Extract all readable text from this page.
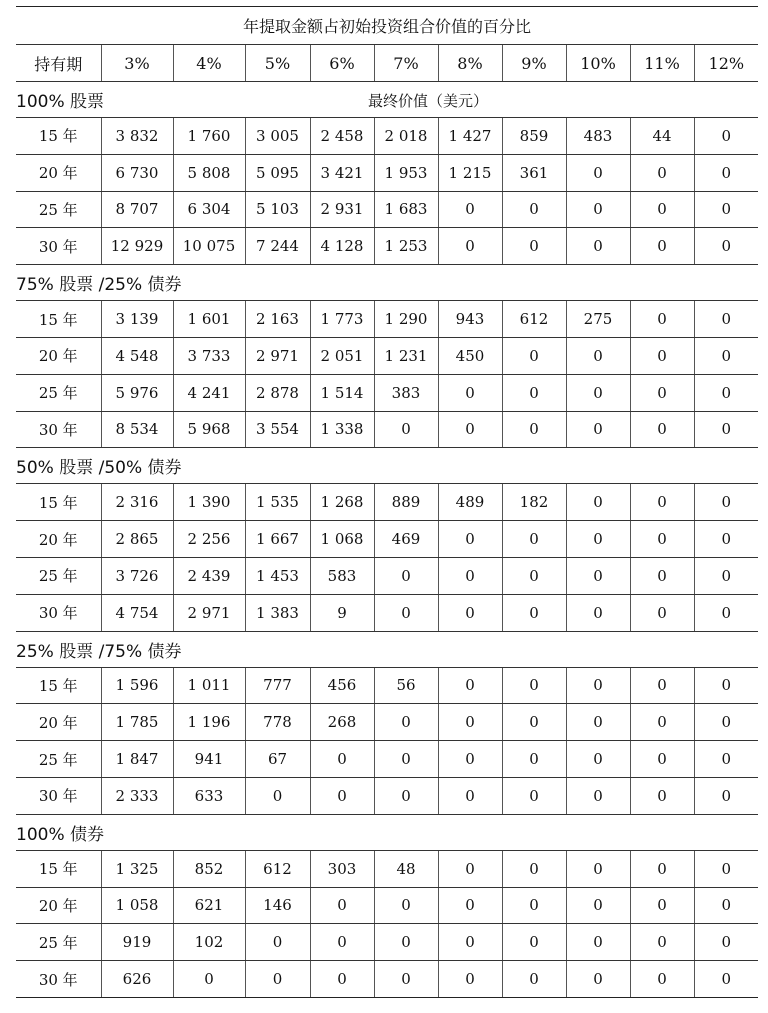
年提取金额占初始投资组合价值的百分比										
持有期	3%	4%	5%	6%	7%	8%	9%	10%	11%	12%
100% 股票 最终价值（美元）										

15 年	3 832	1 760	3 005	2 458	2 018	1 427	859	483	44	0
20 年	6 730	5 808	5 095	3 421	1 953	1 215	361	0	0	0
25 年	8 707	6 304	5 103	2 931	1 683	0	0	0	0	0
30 年	12 929	10 075	7 244	4 128	1 253	0	0	0	0	0
75% 股票 /25% 债券										
15 年	3 139	1 601	2 163	1 773	1 290	943	612	275	0	0
20 年	4 548	3 733	2 971	2 051	1 231	450	0	0	0	0
25 年	5 976	4 241	2 878	1 514	383	0	0	0	0	0
30 年	8 534	5 968	3 554	1 338	0	0	0	0	0	0
50% 股票 /50% 债券										
15 年	2 316	1 390	1 535	1 268	889	489	182	0	0	0
20 年	2 865	2 256	1 667	1 068	469	0	0	0	0	0
25 年	3 726	2 439	1 453	583	0	0	0	0	0	0
30 年	4 754	2 971	1 383	9	0	0	0	0	0	0
25% 股票 /75% 债券										
15 年	1 596	1 011	777	456	56	0	0	0	0	0
20 年	1 785	1 196	778	268	0	0	0	0	0	0
25 年	1 847	941	67	0	0	0	0	0	0	0
30 年	2 333	633	0	0	0	0	0	0	0	0
100% 债券										
15 年	1 325	852	612	303	48	0	0	0	0	0
20 年	1 058	621	146	0	0	0	0	0	0	0
25 年	919	102	0	0	0	0	0	0	0	0
30 年	626	0	0	0	0	0	0	0	0	0
